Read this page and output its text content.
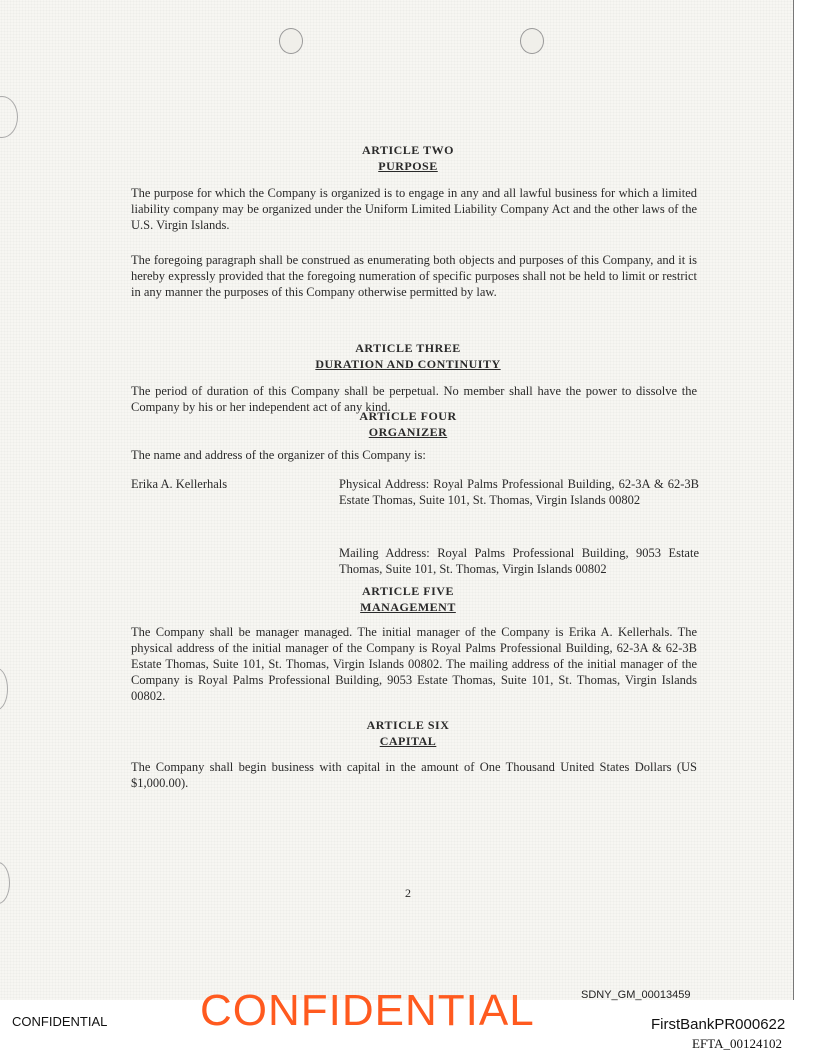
ARTICLE TWO
PURPOSE

The purpose for which the Company is organized is to engage in any and all lawful business for which a limited liability company may be organized under the Uniform Limited Liability Company Act and the other laws of the U.S. Virgin Islands.

The foregoing paragraph shall be construed as enumerating both objects and purposes of this Company, and it is hereby expressly provided that the foregoing numeration of specific purposes shall not be held to limit or restrict in any manner the purposes of this Company otherwise permitted by law.

ARTICLE THREE
DURATION AND CONTINUITY

The period of duration of this Company shall be perpetual. No member shall have the power to dissolve the Company by his or her independent act of any kind.

ARTICLE FOUR
ORGANIZER

The name and address of the organizer of this Company is:

Erika A. Kellerhals	Physical Address: Royal Palms Professional Building, 62-3A & 62-3B Estate Thomas, Suite 101, St. Thomas, Virgin Islands 00802

Mailing Address: Royal Palms Professional Building, 9053 Estate Thomas, Suite 101, St. Thomas, Virgin Islands 00802

ARTICLE FIVE
MANAGEMENT

The Company shall be manager managed. The initial manager of the Company is Erika A. Kellerhals. The physical address of the initial manager of the Company is Royal Palms Professional Building, 62-3A & 62-3B Estate Thomas, Suite 101, St. Thomas, Virgin Islands 00802. The mailing address of the initial manager of the Company is Royal Palms Professional Building, 9053 Estate Thomas, Suite 101, St. Thomas, Virgin Islands 00802.

ARTICLE SIX
CAPITAL

The Company shall begin business with capital in the amount of One Thousand United States Dollars (US $1,000.00).

2
CONFIDENTIAL CONFIDENTIAL	SDNY_GM_00013459
FirstBankPR000622
EFTA_00124102
